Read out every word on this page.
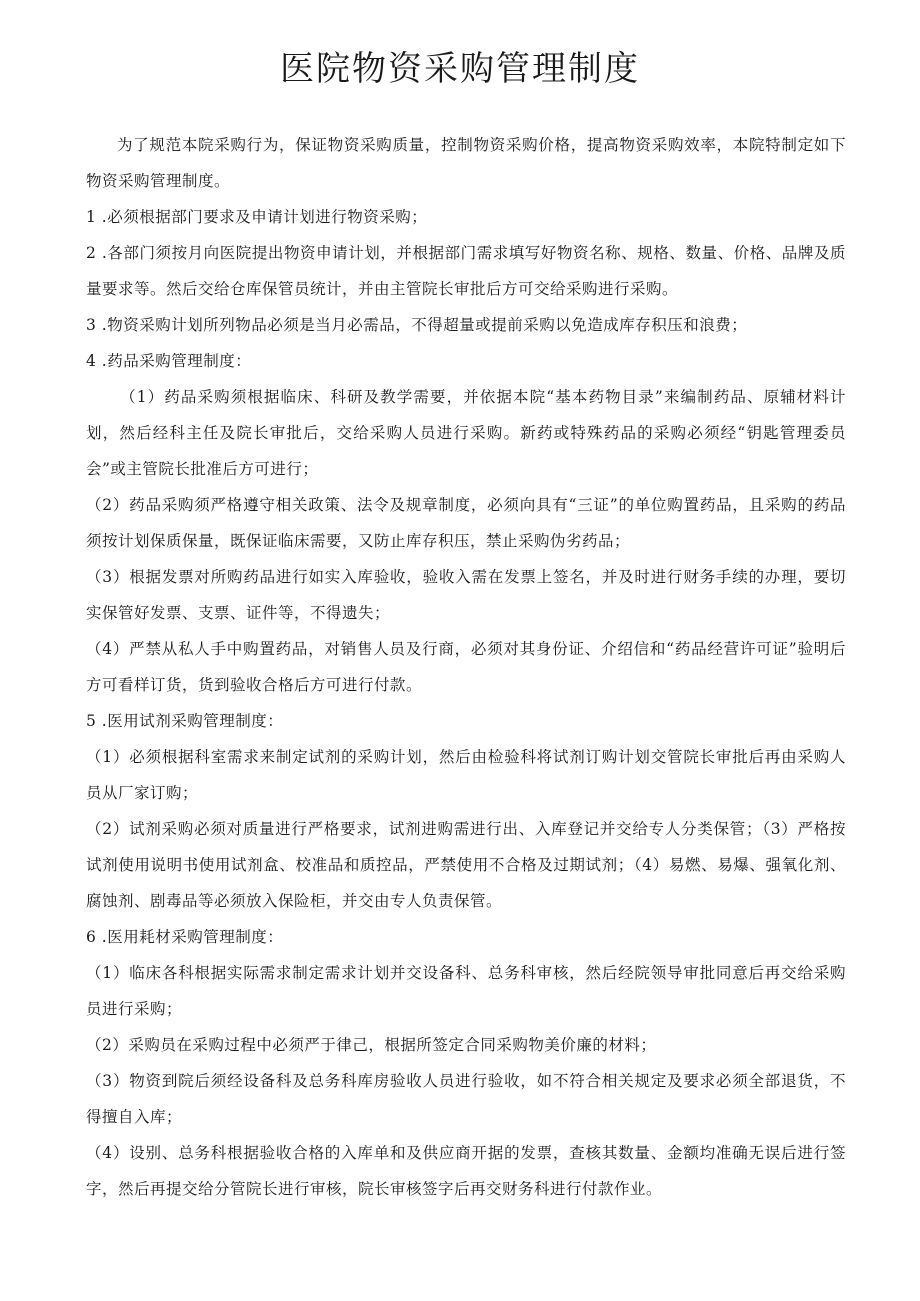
医院物资采购管理制度

为了规范本院采购行为，保证物资采购质量，控制物资采购价格，提高物资采购效率，本院特制定如下物资采购管理制度。

1 .必须根据部门要求及申请计划进行物资采购；

2 .各部门须按月向医院提出物资申请计划，并根据部门需求填写好物资名称、规格、数量、价格、品牌及质量要求等。然后交给仓库保管员统计，并由主管院长审批后方可交给采购进行采购。

3 .物资采购计划所列物品必须是当月必需品，不得超量或提前采购以免造成库存积压和浪费；

4 .药品采购管理制度：

（1）药品采购须根据临床、科研及教学需要，并依据本院“基本药物目录”来编制药品、原辅材料计划，然后经科主任及院长审批后，交给采购人员进行采购。新药或特殊药品的采购必须经“钥匙管理委员会”或主管院长批准后方可进行；

（2）药品采购须严格遵守相关政策、法令及规章制度，必须向具有“三证”的单位购置药品，且采购的药品须按计划保质保量，既保证临床需要，又防止库存积压，禁止采购伪劣药品；

（3）根据发票对所购药品进行如实入库验收，验收入需在发票上签名，并及时进行财务手续的办理，要切实保管好发票、支票、证件等，不得遗失；

（4）严禁从私人手中购置药品，对销售人员及行商，必须对其身份证、介绍信和“药品经营许可证”验明后方可看样订货，货到验收合格后方可进行付款。

5 .医用试剂采购管理制度：

（1）必须根据科室需求来制定试剂的采购计划，然后由检验科将试剂订购计划交管院长审批后再由采购人员从厂家订购；

（2）试剂采购必须对质量进行严格要求，试剂进购需进行出、入库登记并交给专人分类保管；（3）严格按试剂使用说明书使用试剂盒、校准品和质控品，严禁使用不合格及过期试剂；（4）易燃、易爆、强氧化剂、腐蚀剂、剧毒品等必须放入保险柜，并交由专人负责保管。

6 .医用耗材采购管理制度：

（1）临床各科根据实际需求制定需求计划并交设备科、总务科审核，然后经院领导审批同意后再交给采购员进行采购；

（2）采购员在采购过程中必须严于律己，根据所签定合同采购物美价廉的材料；

（3）物资到院后须经设备科及总务科库房验收人员进行验收，如不符合相关规定及要求必须全部退货，不得擅自入库；

（4）设别、总务科根据验收合格的入库单和及供应商开据的发票，查核其数量、金额均准确无误后进行签字，然后再提交给分管院长进行审核，院长审核签字后再交财务科进行付款作业。
